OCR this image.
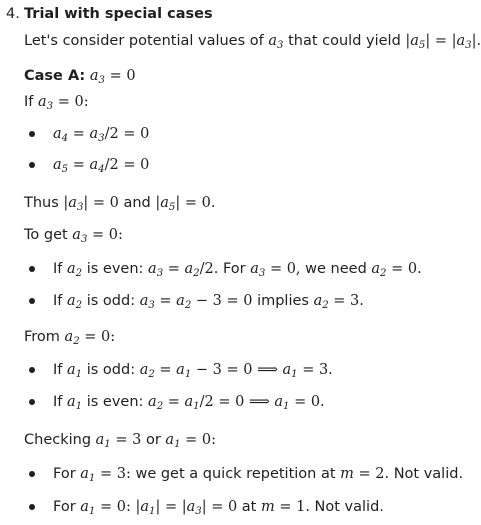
4. Trial with special cases
Let's consider potential values of $a_3$ that could yield $|a_5| = |a_3|$.
Case A: $a_3 = 0$
If $a_3 = 0$:
$a_4 = a_3/2 = 0$
$a_5 = a_4/2 = 0$
Thus $|a_3| = 0$ and $|a_5| = 0$.
To get $a_3 = 0$:
If $a_2$ is even: $a_3 = a_2/2$. For $a_3 = 0$, we need $a_2 = 0$.
If $a_2$ is odd: $a_3 = a_2 - 3 = 0$ implies $a_2 = 3$.
From $a_2 = 0$:
If $a_1$ is odd: $a_2 = a_1 - 3 = 0$ ⟹ $a_1 = 3$.
If $a_1$ is even: $a_2 = a_1/2 = 0$ ⟹ $a_1 = 0$.
Checking $a_1 = 3$ or $a_1 = 0$:
For $a_1 = 3$: we get a quick repetition at m = 2. Not valid.
For $a_1 = 0$: $|a_1| = |a_3| = 0$ at m = 1. Not valid.
